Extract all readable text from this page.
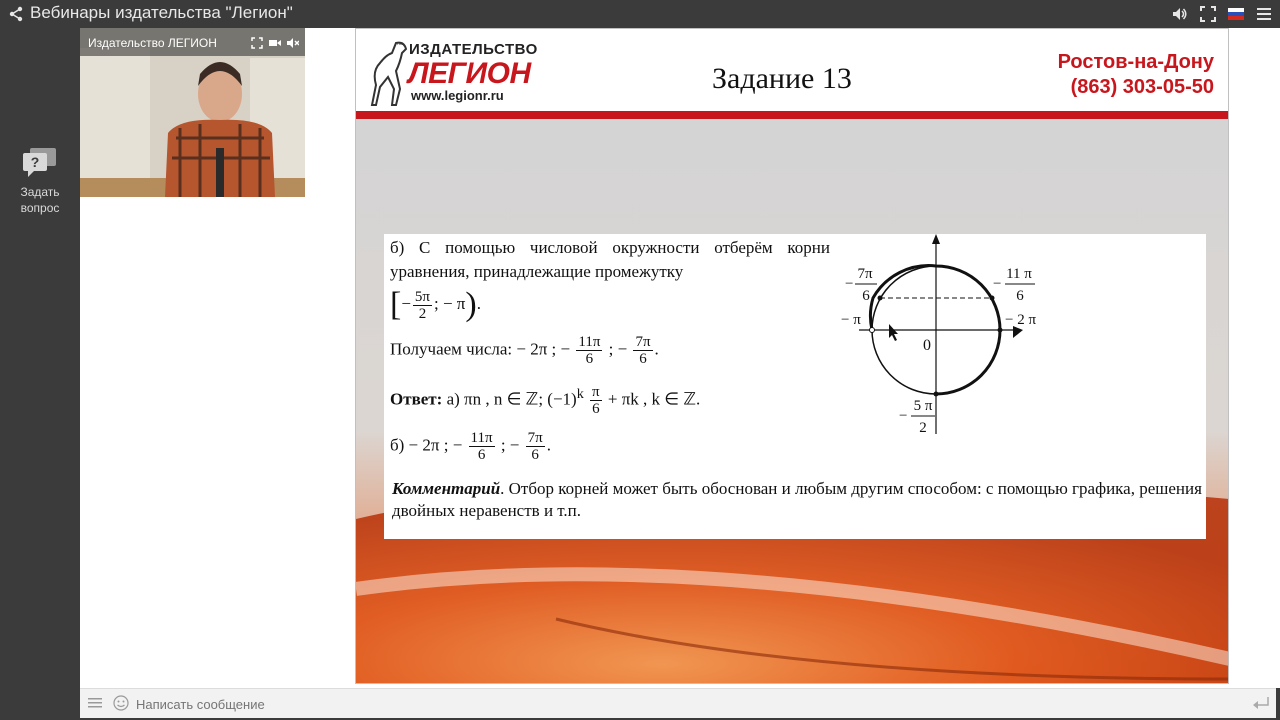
Вебинары издательства "Легион"
?
Задать
вопрос
Издательство ЛЕГИОН	™ ИЗДАТЕЛЬСТВО
ЛЕГИОН
www.legionr.ru
Задание 13	Ростов-на-Дону
(863) 303-05-50
б) С помощью числовой окружности отберём корни уравнения, принадлежащие промежутку
[− $\frac{5\pi}{2}$ ; − π).
Получаем числа: − 2π ; − $\frac{11\pi}{6}$ ; − $\frac{7\pi}{6}$ .
Ответ: а) πn , n ∈ ℤ; $(-1)^k \frac{\pi}{6} + \pi k$ , k ∈ ℤ.
б) − 2π ; − $\frac{11\pi}{6}$ ; − $\frac{7\pi}{6}$ .
Комментарий. Отбор корней может быть обоснован и любым другим способом: с помощью графика, решения двойных неравенств и т.п.
7π
6
−
11 π
6
−
− π	− 2 π
0
5 π
2
−
Написать сообщение
